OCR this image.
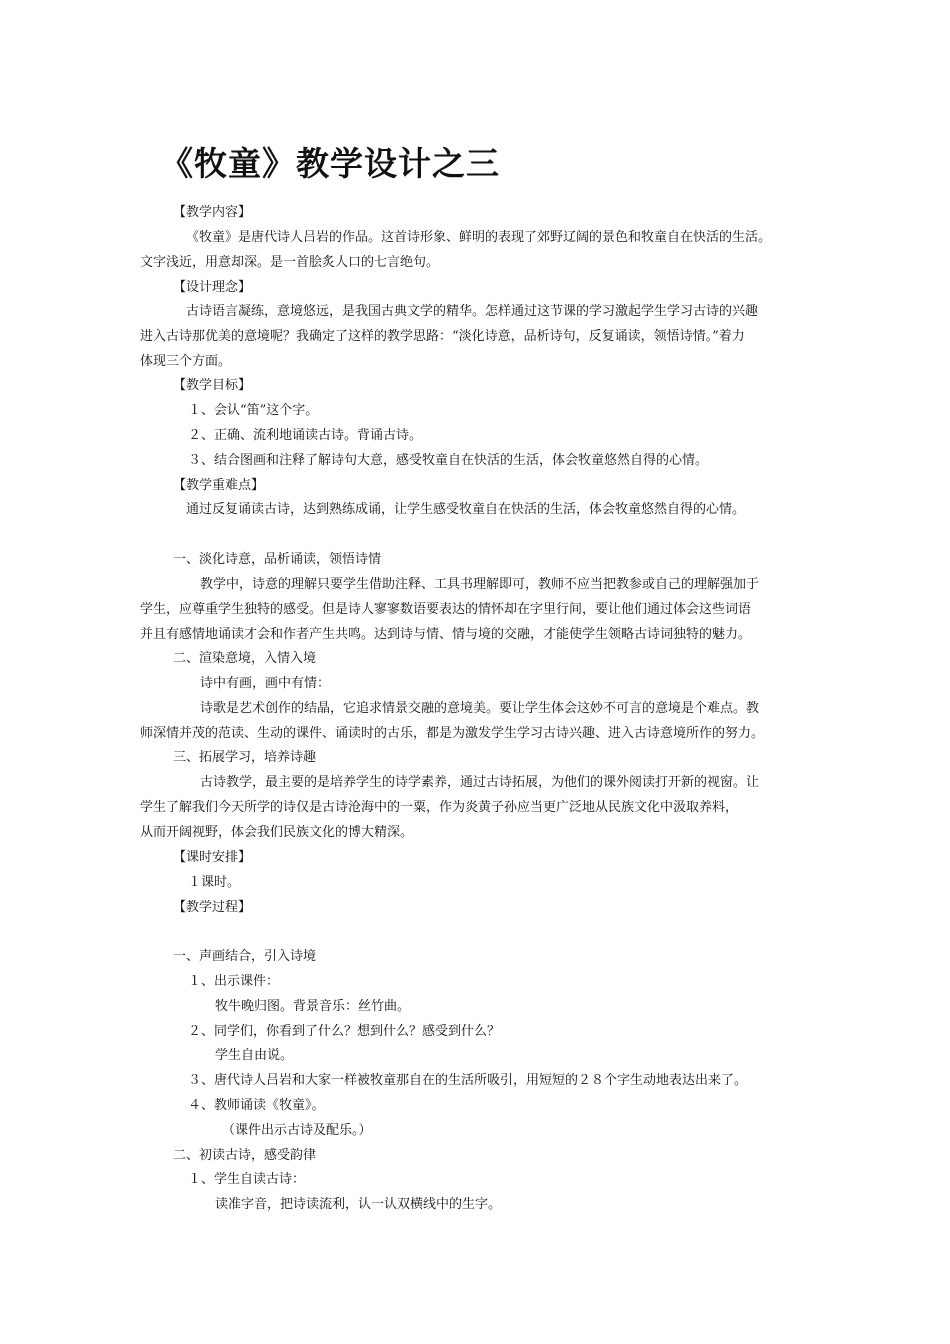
《牧童》教学设计之三
【教学内容】
《牧童》是唐代诗人吕岩的作品。这首诗形象、鲜明的表现了郊野辽阔的景色和牧童自在快活的生活。
文字浅近，用意却深。是一首脍炙人口的七言绝句。
【设计理念】
古诗语言凝练，意境悠远，是我国古典文学的精华。怎样通过这节课的学习激起学生学习古诗的兴趣
进入古诗那优美的意境呢？我确定了这样的教学思路：“淡化诗意，品析诗句，反复诵读，领悟诗情。”着力
体现三个方面。
【教学目标】
１、会认“笛”这个字。
２、正确、流利地诵读古诗。背诵古诗。
３、结合图画和注释了解诗句大意，感受牧童自在快活的生活，体会牧童悠然自得的心情。
【教学重难点】
通过反复诵读古诗，达到熟练成诵，让学生感受牧童自在快活的生活，体会牧童悠然自得的心情。
一、淡化诗意，品析诵读，领悟诗情
教学中，诗意的理解只要学生借助注释、工具书理解即可，教师不应当把教参或自己的理解强加于
学生，应尊重学生独特的感受。但是诗人寥寥数语要表达的情怀却在字里行间，要让他们通过体会这些词语
并且有感情地诵读才会和作者产生共鸣。达到诗与情、情与境的交融，才能使学生领略古诗词独特的魅力。
二、渲染意境，入情入境
诗中有画，画中有情：
诗歌是艺术创作的结晶，它追求情景交融的意境美。要让学生体会这妙不可言的意境是个难点。教
师深情并茂的范读、生动的课件、诵读时的古乐，都是为激发学生学习古诗兴趣、进入古诗意境所作的努力。
三、拓展学习，培养诗趣
古诗教学，最主要的是培养学生的诗学素养，通过古诗拓展，为他们的课外阅读打开新的视窗。让
学生了解我们今天所学的诗仅是古诗沧海中的一粟，作为炎黄子孙应当更广泛地从民族文化中汲取养料，
从而开阔视野，体会我们民族文化的博大精深。
【课时安排】
１课时。
【教学过程】
一、声画结合，引入诗境
１、出示课件：
牧牛晚归图。背景音乐：丝竹曲。
２、同学们，你看到了什么？想到什么？感受到什么？
学生自由说。
３、唐代诗人吕岩和大家一样被牧童那自在的生活所吸引，用短短的２８个字生动地表达出来了。
４、教师诵读《牧童》。
（课件出示古诗及配乐。）
二、初读古诗，感受韵律
１、学生自读古诗：
读准字音，把诗读流利，认一认双横线中的生字。
